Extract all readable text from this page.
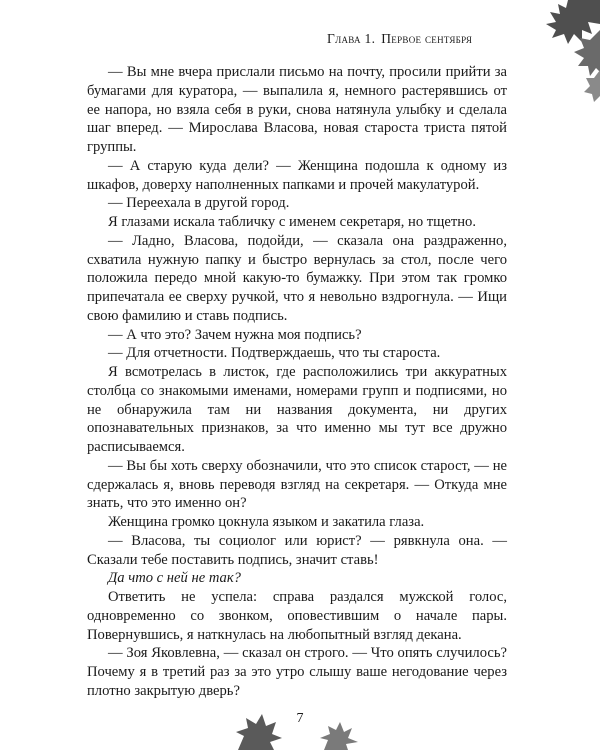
Глава 1. Первое сентября

— Вы мне вчера прислали письмо на почту, просили прийти за бумагами для куратора, — выпалила я, немного растерявшись от ее напора, но взяла себя в руки, снова натянула улыбку и сделала шаг вперед. — Мирослава Власова, новая староста триста пятой группы.

— А старую куда дели? — Женщина подошла к одному из шкафов, доверху наполненных папками и прочей макулатурой.

— Переехала в другой город.

Я глазами искала табличку с именем секретаря, но тщетно.

— Ладно, Власова, подойди, — сказала она раздраженно, схватила нужную папку и быстро вернулась за стол, после чего положила передо мной какую-то бумажку. При этом так громко припечатала ее сверху ручкой, что я невольно вздрогнула. — Ищи свою фамилию и ставь подпись.

— А что это? Зачем нужна моя подпись?

— Для отчетности. Подтверждаешь, что ты староста.

Я всмотрелась в листок, где расположились три аккуратных столбца со знакомыми именами, номерами групп и подписями, но не обнаружила там ни названия документа, ни других опознавательных признаков, за что именно мы тут все дружно расписываемся.

— Вы бы хоть сверху обозначили, что это список старост, — не сдержалась я, вновь переводя взгляд на секретаря. — Откуда мне знать, что это именно он?

Женщина громко цокнула языком и закатила глаза.

— Власова, ты социолог или юрист? — рявкнула она. — Сказали тебе поставить подпись, значит ставь!

Да что с ней не так?

Ответить не успела: справа раздался мужской голос, одновременно со звонком, оповестившим о начале пары. Повернувшись, я наткнулась на любопытный взгляд декана.

— Зоя Яковлевна, — сказал он строго. — Что опять случилось? Почему я в третий раз за это утро слышу ваше негодование через плотно закрытую дверь?

7
